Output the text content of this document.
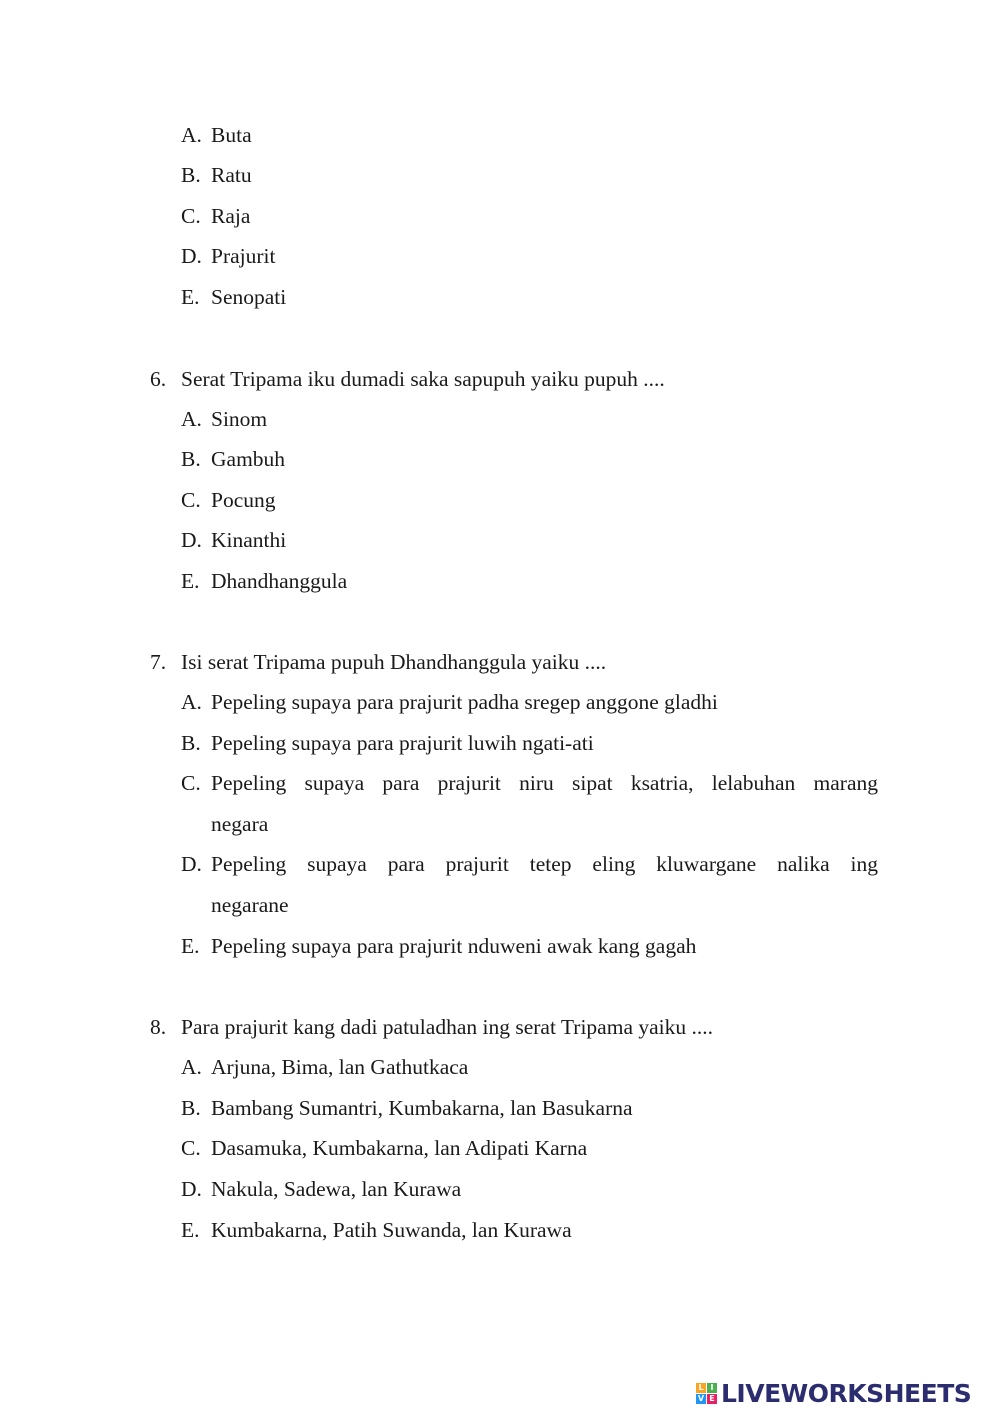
A. Buta
B. Ratu
C. Raja
D. Prajurit
E. Senopati
6. Serat Tripama iku dumadi saka sapupuh yaiku pupuh ....
A. Sinom
B. Gambuh
C. Pocung
D. Kinanthi
E. Dhandhanggula
7. Isi serat Tripama pupuh Dhandhanggula yaiku ....
A. Pepeling supaya para prajurit padha sregep anggone gladhi
B. Pepeling supaya para prajurit luwih ngati-ati
C. Pepeling supaya para prajurit niru sipat ksatria, lelabuhan marang
negara
D. Pepeling supaya para prajurit tetep eling kluwargane nalika ing
negarane
E. Pepeling supaya para prajurit nduweni awak kang gagah
8. Para prajurit kang dadi patuladhan ing serat Tripama yaiku ....
A. Arjuna, Bima, lan Gathutkaca
B. Bambang Sumantri, Kumbakarna, lan Basukarna
C. Dasamuka, Kumbakarna, lan Adipati Karna
D. Nakula, Sadewa, lan Kurawa
E. Kumbakarna, Patih Suwanda, lan Kurawa
L I
V E LIVEWORKSHEETS
